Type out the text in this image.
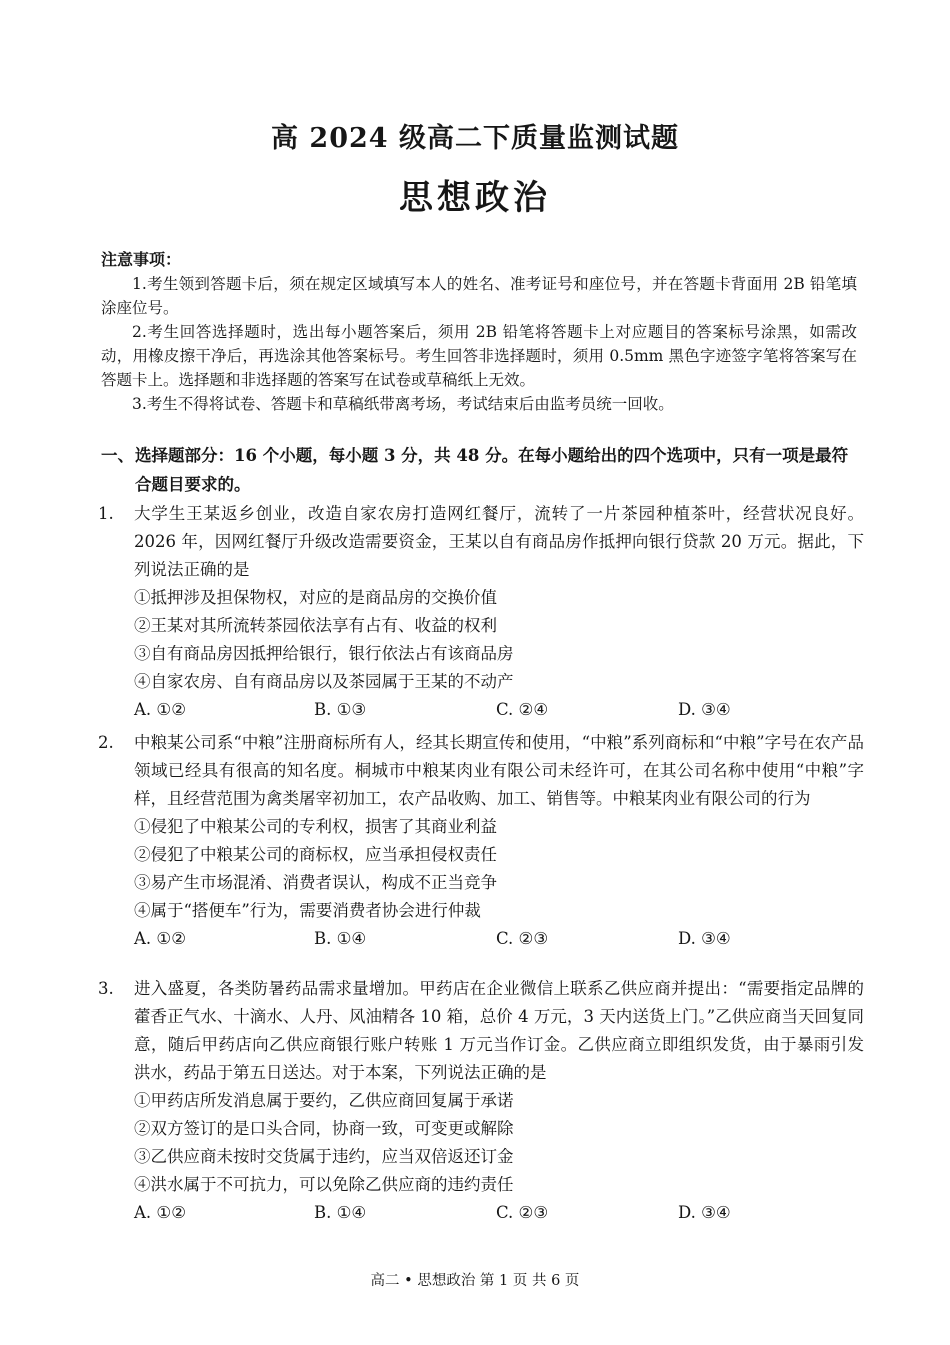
高 2024 级高二下质量监测试题
思想政治
注意事项：
1.考生领到答题卡后，须在规定区域填写本人的姓名、准考证号和座位号，并在答题卡背面用 2B 铅笔填涂座位号。
2.考生回答选择题时，选出每小题答案后，须用 2B 铅笔将答题卡上对应题目的答案标号涂黑，如需改动，用橡皮擦干净后，再选涂其他答案标号。考生回答非选择题时，须用 0.5mm 黑色字迹签字笔将答案写在答题卡上。选择题和非选择题的答案写在试卷或草稿纸上无效。
3.考生不得将试卷、答题卡和草稿纸带离考场，考试结束后由监考员统一回收。
一、 选择题部分：16 个小题，每小题 3 分，共 48 分。在每小题给出的四个选项中，只有一项是最符合题目要求的。
1. 大学生王某返乡创业，改造自家农房打造网红餐厅，流转了一片茶园种植茶叶，经营状况良好。2026 年，因网红餐厅升级改造需要资金，王某以自有商品房作抵押向银行贷款 20 万元。据此，下列说法正确的是
①抵押涉及担保物权，对应的是商品房的交换价值
②王某对其所流转茶园依法享有占有、收益的权利
③自有商品房因抵押给银行，银行依法占有该商品房
④自家农房、自有商品房以及茶园属于王某的不动产
A. ①②	B. ①③	C. ②④	D. ③④
2. 中粮某公司系“中粮”注册商标所有人，经其长期宣传和使用，“中粮”系列商标和“中粮”字号在农产品领域已经具有很高的知名度。桐城市中粮某肉业有限公司未经许可，在其公司名称中使用“中粮”字样，且经营范围为禽类屠宰初加工，农产品收购、加工、销售等。中粮某肉业有限公司的行为
①侵犯了中粮某公司的专利权，损害了其商业利益
②侵犯了中粮某公司的商标权，应当承担侵权责任
③易产生市场混淆、消费者误认，构成不正当竞争
④属于“搭便车”行为，需要消费者协会进行仲裁
A. ①②	B. ①④	C. ②③	D. ③④
3. 进入盛夏，各类防暑药品需求量增加。甲药店在企业微信上联系乙供应商并提出：“需要指定品牌的藿香正气水、十滴水、人丹、风油精各 10 箱，总价 4 万元，3 天内送货上门。”乙供应商当天回复同意，随后甲药店向乙供应商银行账户转账 1 万元当作订金。乙供应商立即组织发货，由于暴雨引发洪水，药品于第五日送达。对于本案，下列说法正确的是
①甲药店所发消息属于要约，乙供应商回复属于承诺
②双方签订的是口头合同，协商一致，可变更或解除
③乙供应商未按时交货属于违约，应当双倍返还订金
④洪水属于不可抗力，可以免除乙供应商的违约责任
A. ①②	B. ①④	C. ②③	D. ③④
高二 • 思想政治 第 1 页 共 6 页
